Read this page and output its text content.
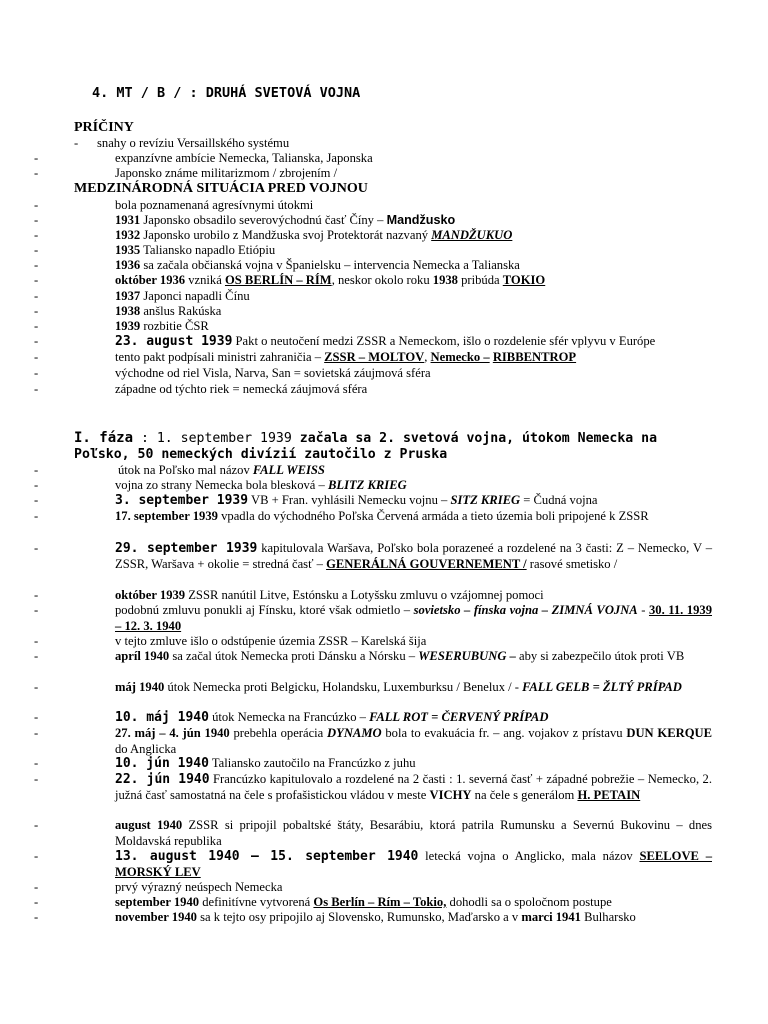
4. MT / B / : DRUHÁ SVETOVÁ VOJNA
PRÍČINY
- snahy o revíziu Versaillského systému
-	expanzívne ambície Nemecka, Talianska, Japonska
-	Japonsko známe militarizmom / zbrojením /
MEDZINÁRODNÁ SITUÁCIA PRED VOJNOU
-	bola poznamenaná agresívnymi útokmi
-	1931 Japonsko obsadilo severovýchodnú časť Číny – Mandžusko
-	1932 Japonsko urobilo z Mandžuska svoj Protektorát nazvaný MANDŽUKUO
-	1935 Taliansko napadlo Etiópiu
-	1936 sa začala občianská vojna v Španielsku – intervencia Nemecka a Talianska
-	október 1936 vzniká OS BERLÍN – RÍM, neskor okolo roku 1938 pribúda TOKIO
-	1937 Japonci napadli Čínu
-	1938 anšlus Rakúska
-	1939 rozbitie ČSR
-	23. august 1939 Pakt o neutočení medzi ZSSR a Nemeckom, išlo o rozdelenie sfér vplyvu v Európe
-	tento pakt podpísali ministri zahraničia – ZSSR – MOLTOV, Nemecko – RIBBENTROP
-	východne od riel Visla, Narva, San = sovietská záujmová sféra
-	západne od týchto riek = nemecká záujmová sféra
I. fáza : 1. september 1939 začala sa 2. svetová vojna, útokom Nemecka na Poľsko, 50 nemeckých divízií zautočilo z Pruska
-	útok na Poľsko mal názov FALL WEISS
-	vojna zo strany Nemecka bola blesková – BLITZ KRIEG
-	3. september 1939 VB + Fran. vyhlásili Nemecku vojnu – SITZ KRIEG = Čudná vojna
-	17. september 1939 vpadla do východného Poľska Červená armáda a tieto územia boli pripojené k ZSSR
-	29. september 1939 kapitulovala Waršava, Poľsko bola porazeneé a rozdelené na 3 časti: Z – Nemecko, V – ZSSR, Waršava + okolie = stredná časť – GENERÁLNÁ GOUVERNEMENT / rasové smetisko /
-	október 1939 ZSSR nanútil Litve, Estónsku a Lotyšsku zmluvu o vzájomnej pomoci
-	podobnú zmluvu ponukli aj Fínsku, ktoré však odmietlo – sovietsko – fínska vojna – ZIMNÁ VOJNA - 30. 11. 1939 – 12. 3. 1940
-	v tejto zmluve išlo o odstúpenie územia ZSSR – Karelská šija
-	apríl 1940 sa začal útok Nemecka proti Dánsku a Nórsku – WESERUBUNG – aby si zabezpečilo útok proti VB
-	máj 1940 útok Nemecka proti Belgicku, Holandsku, Luxemburksu / Benelux / - FALL GELB = ŽLTÝ PRÍPAD
-	10. máj 1940 útok Nemecka na Francúzko – FALL ROT = ČERVENÝ PRÍPAD
-	27. máj – 4. jún 1940 prebehla operácia DYNAMO bola to evakuácia fr. – ang. vojakov z prístavu DUN KERQUE do Anglicka
-	10. jún 1940 Taliansko zautočilo na Francúzko z juhu
-	22. jún 1940 Francúzko kapitulovalo a rozdelené na 2 časti : 1. severná časť + západné pobrežie – Nemecko, 2. južná časť samostatná na čele s profašistickou vládou v meste VICHY na čele s generálom H. PETAIN
-	august 1940 ZSSR si pripojil pobaltské štáty, Besarábiu, ktorá patrila Rumunsku a Severnú Bukovinu – dnes Moldavská republika
-	13. august 1940 – 15. september 1940 letecká vojna o Anglicko, mala názov SEELOVE – MORSKÝ LEV
-	prvý výrazný neúspech Nemecka
-	september 1940 definitívne vytvorená Os Berlín – Rím – Tokio, dohodli sa o spoločnom postupe
-	november 1940 sa k tejto osy pripojilo aj Slovensko, Rumunsko, Maďarsko a v marci 1941 Bulharsko
